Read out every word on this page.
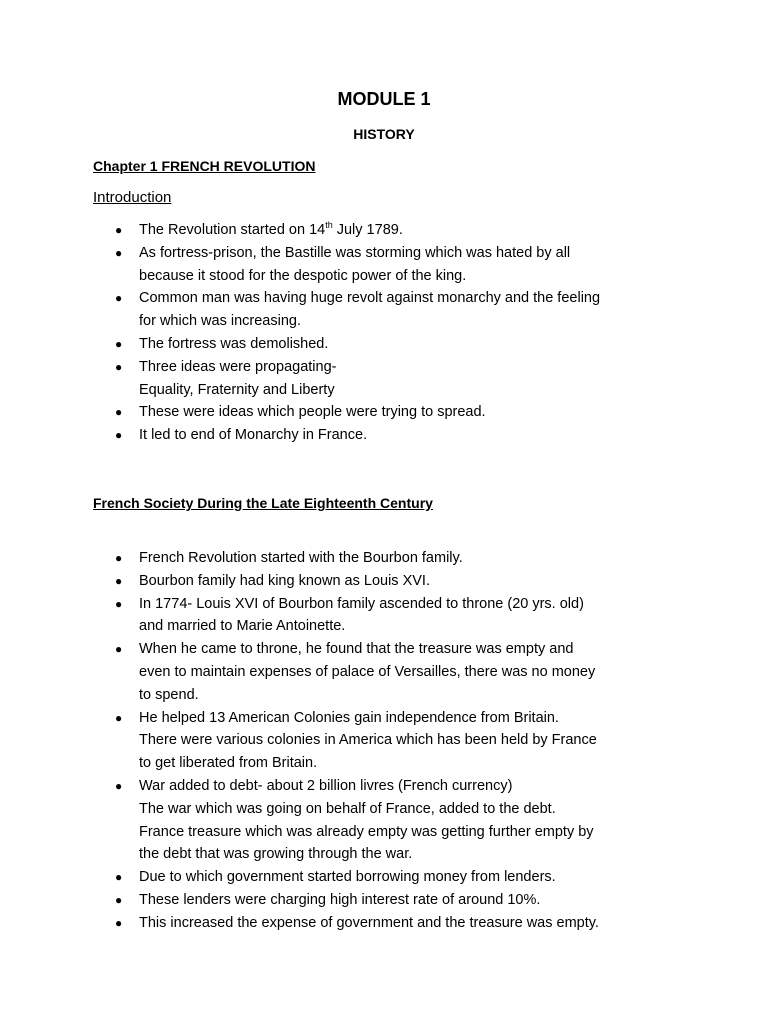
MODULE 1
HISTORY
Chapter 1 FRENCH REVOLUTION
Introduction
● The Revolution started on 14th July 1789.
● As fortress-prison, the Bastille was storming which was hated by all
because it stood for the despotic power of the king.
● Common man was having huge revolt against monarchy and the feeling
for which was increasing.
● The fortress was demolished.
● Three ideas were propagating-
Equality, Fraternity and Liberty
● These were ideas which people were trying to spread.
● It led to end of Monarchy in France.
French Society During the Late Eighteenth Century
● French Revolution started with the Bourbon family.
● Bourbon family had king known as Louis XVI.
● In 1774- Louis XVI of Bourbon family ascended to throne (20 yrs. old)
and married to Marie Antoinette.
● When he came to throne, he found that the treasure was empty and
even to maintain expenses of palace of Versailles, there was no money
to spend.
● He helped 13 American Colonies gain independence from Britain.
There were various colonies in America which has been held by France
to get liberated from Britain.
● War added to debt- about 2 billion livres (French currency)
The war which was going on behalf of France, added to the debt.
France treasure which was already empty was getting further empty by
the debt that was growing through the war.
● Due to which government started borrowing money from lenders.
● These lenders were charging high interest rate of around 10%.
● This increased the expense of government and the treasure was empty.
